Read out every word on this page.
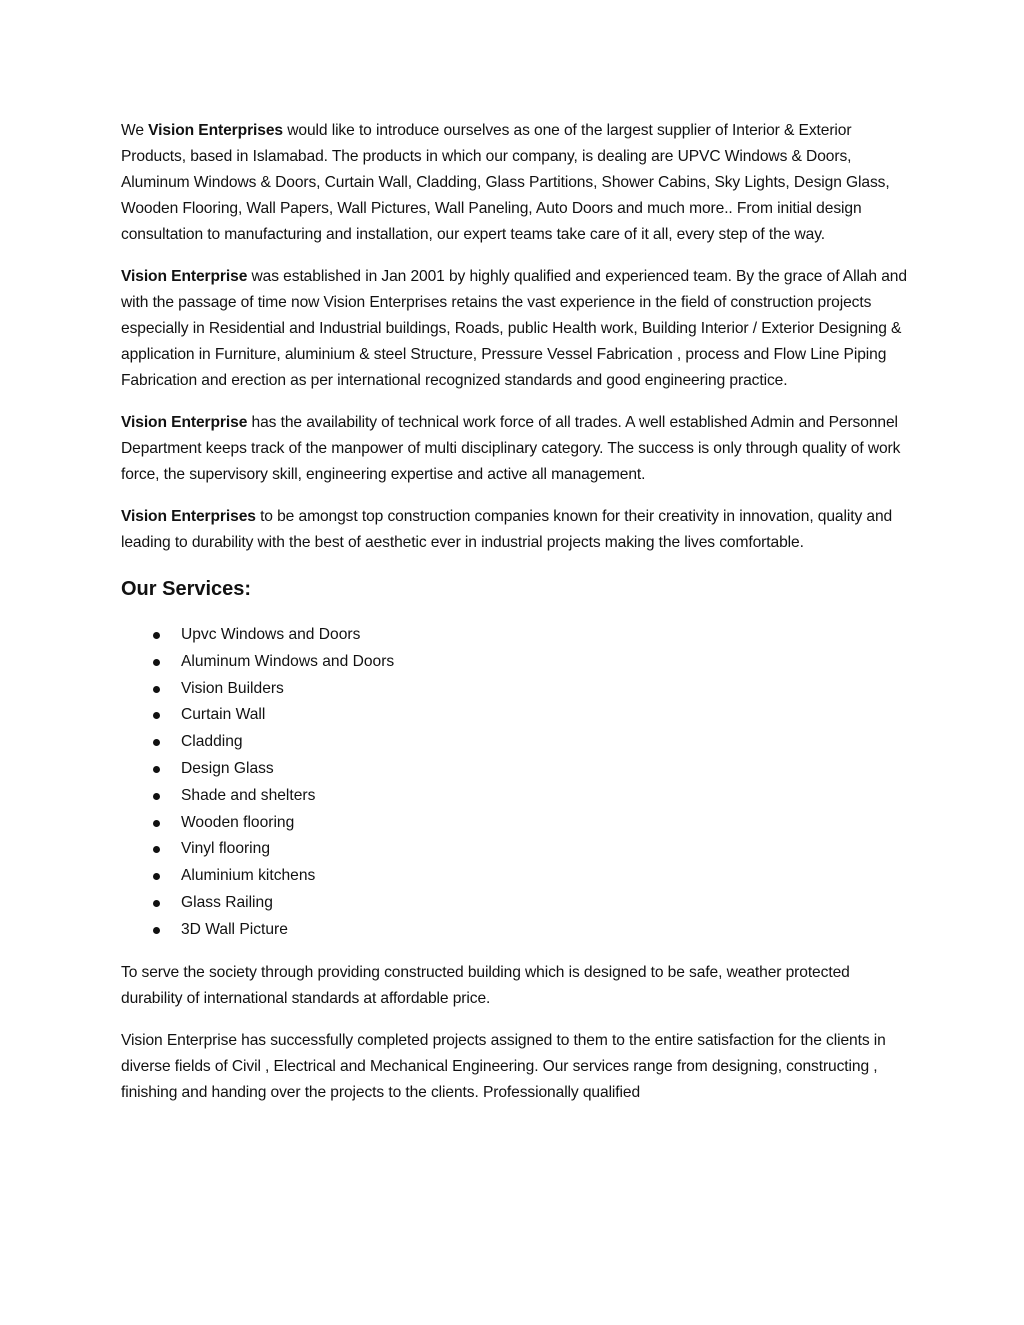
We Vision Enterprises would like to introduce ourselves as one of the largest supplier of Interior & Exterior Products, based in Islamabad. The products in which our company, is dealing are UPVC Windows & Doors, Aluminum Windows & Doors, Curtain Wall, Cladding, Glass Partitions, Shower Cabins, Sky Lights, Design Glass, Wooden Flooring, Wall Papers, Wall Pictures, Wall Paneling, Auto Doors and much more.. From initial design consultation to manufacturing and installation, our expert teams take care of it all, every step of the way.

Vision Enterprise was established in Jan 2001 by highly qualified and experienced team. By the grace of Allah and with the passage of time now Vision Enterprises retains the vast experience in the field of construction projects especially in Residential and Industrial buildings, Roads, public Health work, Building Interior / Exterior Designing & application in Furniture, aluminium & steel Structure, Pressure Vessel Fabrication , process and Flow Line Piping Fabrication and erection as per international recognized standards and good engineering practice.

Vision Enterprise has the availability of technical work force of all trades. A well established Admin and Personnel Department keeps track of the manpower of multi disciplinary category. The success is only through quality of work force, the supervisory skill, engineering expertise and active all management.

Vision Enterprises to be amongst top construction companies known for their creativity in innovation, quality and leading to durability with the best of aesthetic ever in industrial projects making the lives comfortable.

Our Services:
Upvc Windows and Doors
Aluminum Windows and Doors
Vision Builders
Curtain Wall
Cladding
Design Glass
Shade and shelters
Wooden flooring
Vinyl flooring
Aluminium kitchens
Glass Railing
3D Wall Picture

To serve the society through providing constructed building which is designed to be safe, weather protected durability of international standards at affordable price.

Vision Enterprise has successfully completed projects assigned to them to the entire satisfaction for the clients in diverse fields of Civil , Electrical and Mechanical Engineering. Our services range from designing, constructing , finishing and handing over the projects to the clients. Professionally qualified
